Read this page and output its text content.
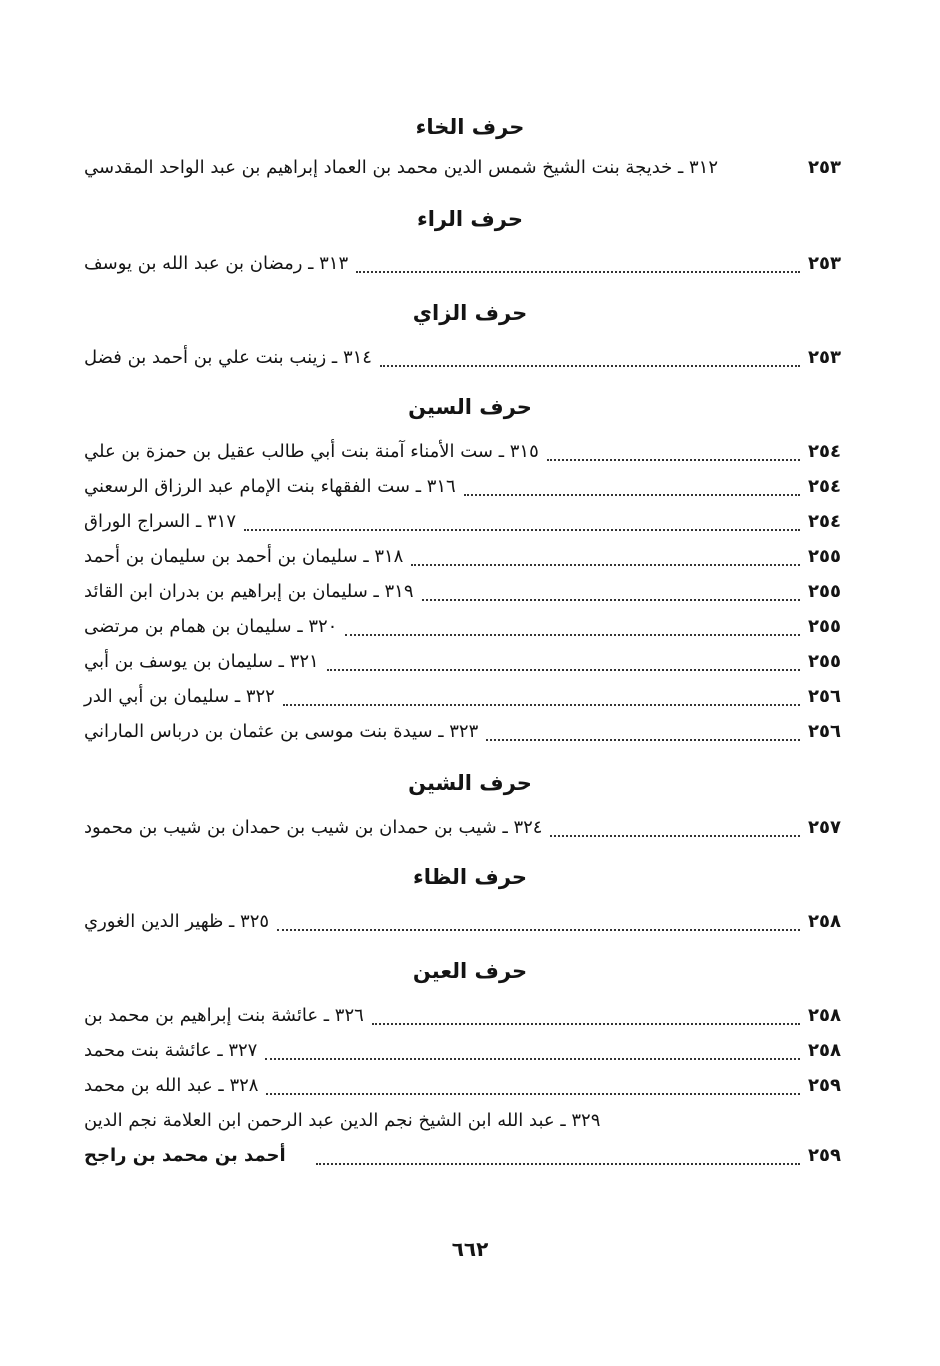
حرف الخاء
٣١٢ ـ خديجة بنت الشيخ شمس الدين محمد بن العماد إبراهيم بن عبد الواحد المقدسي	٢٥٣
حرف الراء
٣١٣ ـ رمضان بن عبد الله بن يوسف	٢٥٣
حرف الزاي
٣١٤ ـ زينب بنت علي بن أحمد بن فضل	٢٥٣
حرف السين
٣١٥ ـ ست الأمناء آمنة بنت أبي طالب عقيل بن حمزة بن علي	٢٥٤
٣١٦ ـ ست الفقهاء بنت الإمام عبد الرزاق الرسعني	٢٥٤
٣١٧ ـ السراج الوراق	٢٥٤
٣١٨ ـ سليمان بن أحمد بن سليمان بن أحمد	٢٥٥
٣١٩ ـ سليمان بن إبراهيم بن بدران ابن القائد	٢٥٥
٣٢٠ ـ سليمان بن همام بن مرتضى	٢٥٥
٣٢١ ـ سليمان بن يوسف بن أبي	٢٥٥
٣٢٢ ـ سليمان بن أبي الدر	٢٥٦
٣٢٣ ـ سيدة بنت موسى بن عثمان بن درباس الماراني	٢٥٦
حرف الشين
٣٢٤ ـ شيب بن حمدان بن شيب بن حمدان بن شيب بن محمود	٢٥٧
حرف الظاء
٣٢٥ ـ ظهير الدين الغوري	٢٥٨
حرف العين
٣٢٦ ـ عائشة بنت إبراهيم بن محمد بن	٢٥٨
٣٢٧ ـ عائشة بنت محمد	٢٥٨
٣٢٨ ـ عبد الله بن محمد	٢٥٩
٣٢٩ ـ عبد الله ابن الشيخ نجم الدين عبد الرحمن ابن العلامة نجم الدين
أحمد بن محمد بن راجح	٢٥٩
٦٦٢
